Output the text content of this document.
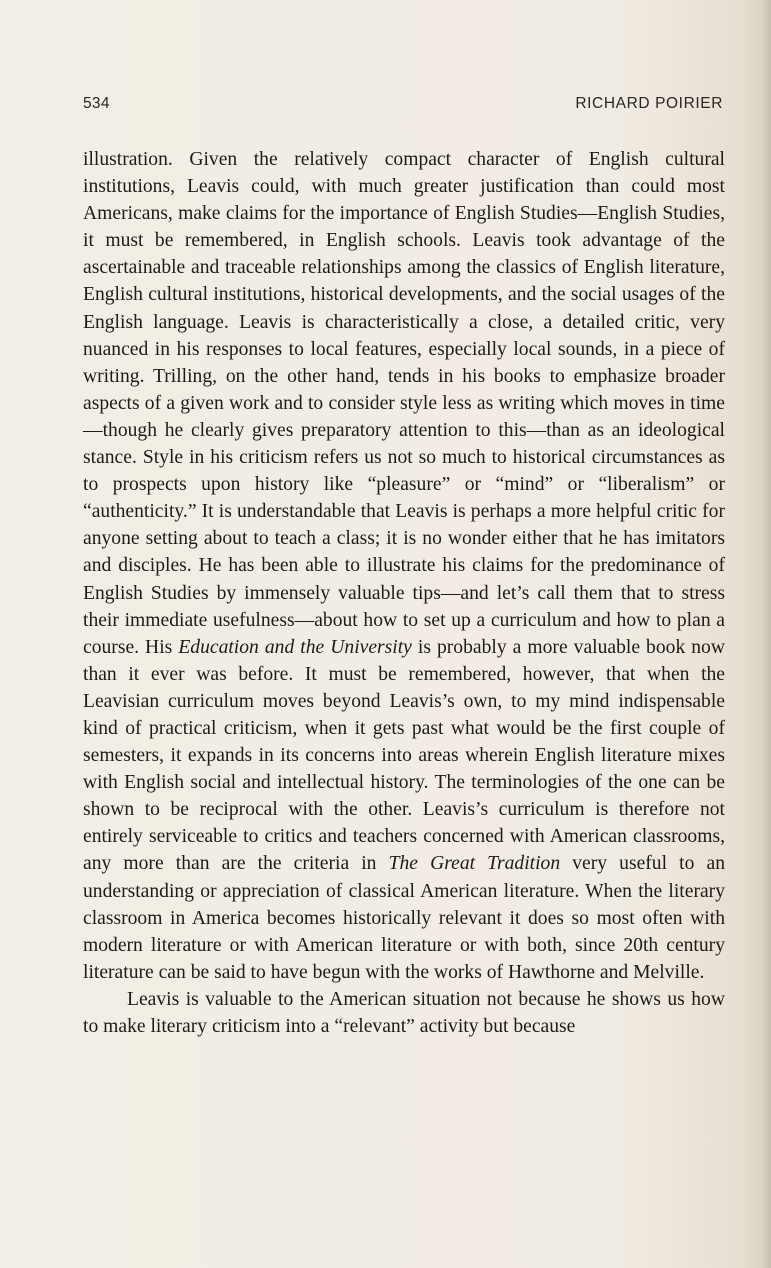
534	RICHARD POIRIER

illustration. Given the relatively compact character of English cultural institutions, Leavis could, with much greater justification than could most Americans, make claims for the importance of English Studies—English Studies, it must be remembered, in English schools. Leavis took advantage of the ascertainable and traceable relationships among the classics of English literature, English cultural institutions, historical developments, and the social usages of the English language. Leavis is characteristically a close, a detailed critic, very nuanced in his responses to local features, especially local sounds, in a piece of writing. Trilling, on the other hand, tends in his books to emphasize broader aspects of a given work and to consider style less as writing which moves in time—though he clearly gives preparatory attention to this—than as an ideological stance. Style in his criticism refers us not so much to historical circumstances as to prospects upon history like “pleasure” or “mind” or “liberalism” or “authenticity.” It is understandable that Leavis is perhaps a more helpful critic for anyone setting about to teach a class; it is no wonder either that he has imitators and disciples. He has been able to illustrate his claims for the predominance of English Studies by immensely valuable tips—and let’s call them that to stress their immediate usefulness—about how to set up a curriculum and how to plan a course. His Education and the University is probably a more valuable book now than it ever was before. It must be remembered, however, that when the Leavisian curriculum moves beyond Leavis’s own, to my mind indispensable kind of practical criticism, when it gets past what would be the first couple of semesters, it expands in its concerns into areas wherein English literature mixes with English social and intellectual history. The terminologies of the one can be shown to be reciprocal with the other. Leavis’s curriculum is therefore not entirely serviceable to critics and teachers concerned with American classrooms, any more than are the criteria in The Great Tradition very useful to an understanding or appreciation of classical American literature. When the literary classroom in America becomes historically relevant it does so most often with modern literature or with American literature or with both, since 20th century literature can be said to have begun with the works of Hawthorne and Melville.

Leavis is valuable to the American situation not because he shows us how to make literary criticism into a “relevant” activity but because
